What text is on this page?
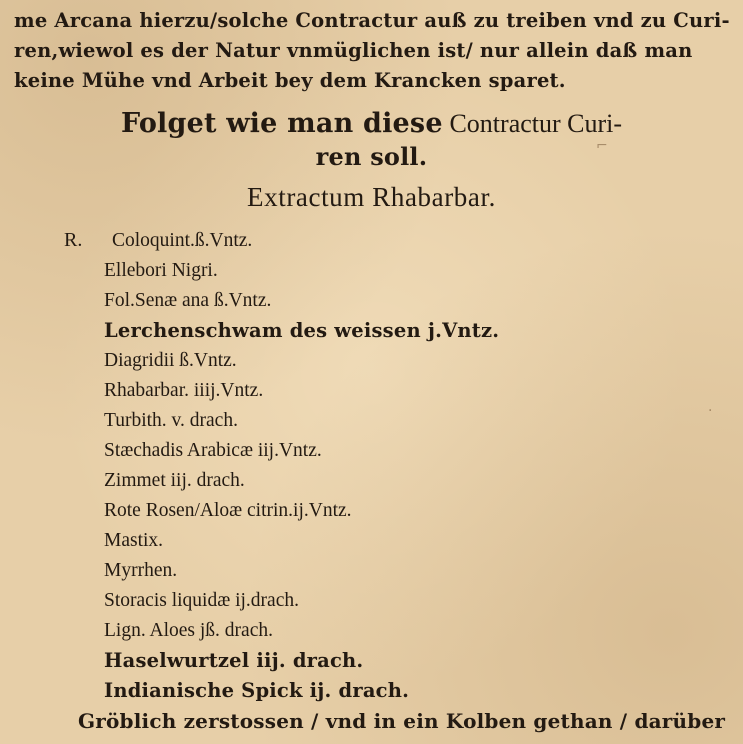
me Arcana hierzu/solche Contractur auß zu treiben vnd zu Curi-
ren,wiewol es der Natur vnmüglichen ist/ nur allein daß man
keine Mühe vnd Arbeit bey dem Krancken sparet.
Folget wie man diese Contractur Curi-
ren soll.
Extractum Rhabarbar.
R. Coloquint.ß.Vntz.
Ellebori Nigri.
Fol.Senæ ana ß.Vntz.
Lerchenschwam des weissen j.Vntz.
Diagridii ß.Vntz.
Rhabarbar. iiij.Vntz.
Turbith. v. drach.
Stæchadis Arabicæ iij.Vntz.
Zimmet iij. drach.
Rote Rosen/Aloæ citrin.ij.Vntz.
Mastix.
Myrrhen.
Storacis liquidæ ij.drach.
Lign. Aloes jß. drach.
Haselwurtzel iij. drach.
Indianische Spick ij. drach.
Gröblich zerstossen / vnd in ein Kolben gethan / darüber
⌐
·
